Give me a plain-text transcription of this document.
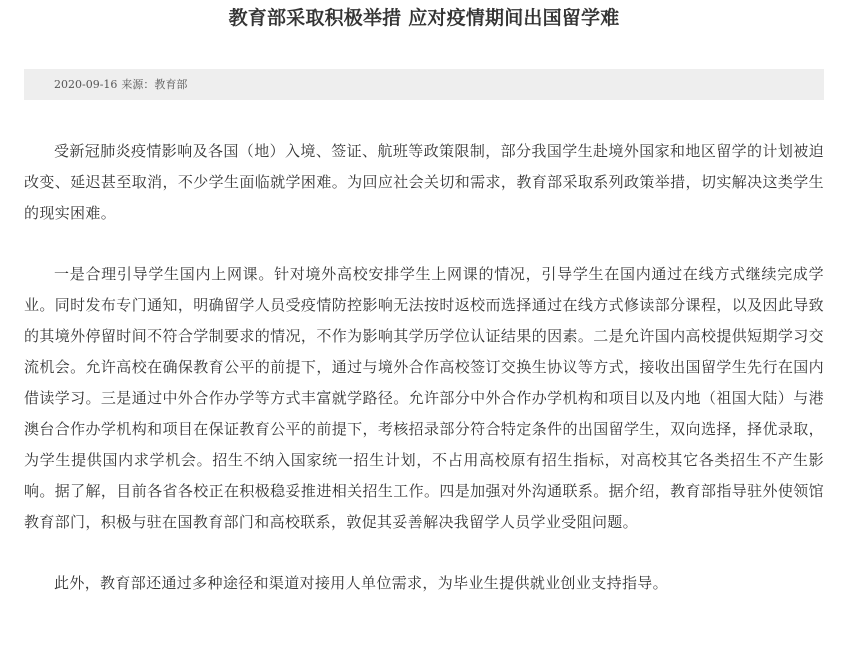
教育部采取积极举措 应对疫情期间出国留学难
2020-09-16 来源：教育部

受新冠肺炎疫情影响及各国（地）入境、签证、航班等政策限制，部分我国学生赴境外国家和地区留学的计划被迫改变、延迟甚至取消，不少学生面临就学困难。为回应社会关切和需求，教育部采取系列政策举措，切实解决这类学生的现实困难。

一是合理引导学生国内上网课。针对境外高校安排学生上网课的情况，引导学生在国内通过在线方式继续完成学业。同时发布专门通知，明确留学人员受疫情防控影响无法按时返校而选择通过在线方式修读部分课程，以及因此导致的其境外停留时间不符合学制要求的情况，不作为影响其学历学位认证结果的因素。二是允许国内高校提供短期学习交流机会。允许高校在确保教育公平的前提下，通过与境外合作高校签订交换生协议等方式，接收出国留学生先行在国内借读学习。三是通过中外合作办学等方式丰富就学路径。允许部分中外合作办学机构和项目以及内地（祖国大陆）与港澳台合作办学机构和项目在保证教育公平的前提下，考核招录部分符合特定条件的出国留学生，双向选择，择优录取，为学生提供国内求学机会。招生不纳入国家统一招生计划，不占用高校原有招生指标，对高校其它各类招生不产生影响。据了解，目前各省各校正在积极稳妥推进相关招生工作。四是加强对外沟通联系。据介绍，教育部指导驻外使领馆教育部门，积极与驻在国教育部门和高校联系，敦促其妥善解决我留学人员学业受阻问题。

此外，教育部还通过多种途径和渠道对接用人单位需求，为毕业生提供就业创业支持指导。
